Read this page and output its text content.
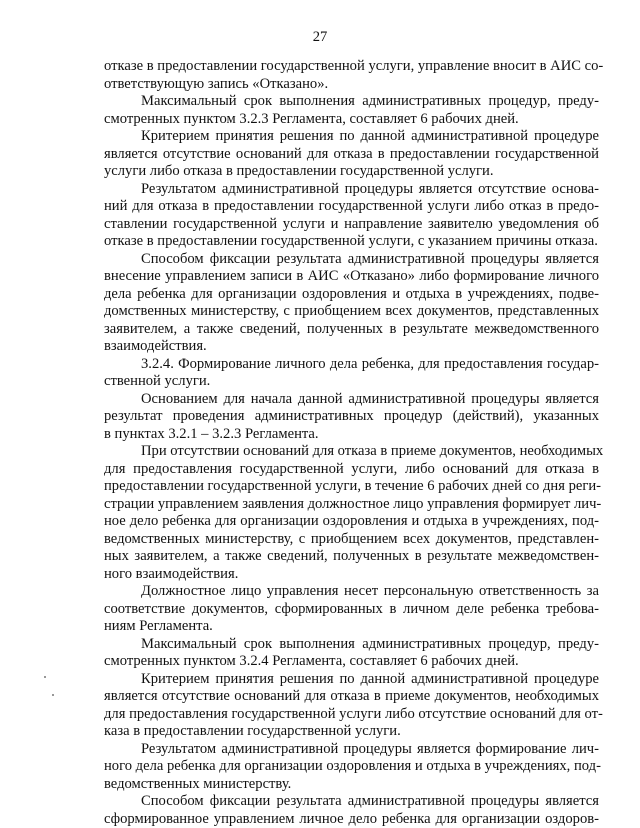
27
отказе в предоставлении государственной услуги, управление вносит в АИС со-
ответствующую запись «Отказано».
Максимальный срок выполнения административных процедур, преду-
смотренных пунктом 3.2.3 Регламента, составляет 6 рабочих дней.
Критерием принятия решения по данной административной процедуре
является отсутствие оснований для отказа в предоставлении государственной
услуги либо отказа в предоставлении государственной услуги.
Результатом административной процедуры является отсутствие основа-
ний для отказа в предоставлении государственной услуги либо отказ в предо-
ставлении государственной услуги и направление заявителю уведомления об
отказе в предоставлении государственной услуги, с указанием причины отказа.
Способом фиксации результата административной процедуры является
внесение управлением записи в АИС «Отказано» либо формирование личного
дела ребенка для организации оздоровления и отдыха в учреждениях, подве-
домственных министерству, с приобщением всех документов, представленных
заявителем, а также сведений, полученных в результате межведомственного
взаимодействия.
3.2.4. Формирование личного дела ребенка, для предоставления государ-
ственной услуги.
Основанием для начала данной административной процедуры является
результат проведения административных процедур (действий), указанных
в пунктах 3.2.1 – 3.2.3 Регламента.
При отсутствии оснований для отказа в приеме документов, необходимых
для предоставления государственной услуги, либо оснований для отказа в
предоставлении государственной услуги, в течение 6 рабочих дней со дня реги-
страции управлением заявления должностное лицо управления формирует лич-
ное дело ребенка для организации оздоровления и отдыха в учреждениях, под-
ведомственных министерству, с приобщением всех документов, представлен-
ных заявителем, а также сведений, полученных в результате межведомствен-
ного взаимодействия.
Должностное лицо управления несет персональную ответственность за
соответствие документов, сформированных в личном деле ребенка требова-
ниям Регламента.
Максимальный срок выполнения административных процедур, преду-
смотренных пунктом 3.2.4 Регламента, составляет 6 рабочих дней.
Критерием принятия решения по данной административной процедуре
является отсутствие оснований для отказа в приеме документов, необходимых
для предоставления государственной услуги либо отсутствие оснований для от-
каза в предоставлении государственной услуги.
Результатом административной процедуры является формирование лич-
ного дела ребенка для организации оздоровления и отдыха в учреждениях, под-
ведомственных министерству.
Способом фиксации результата административной процедуры является
сформированное управлением личное дело ребенка для организации оздоров-
